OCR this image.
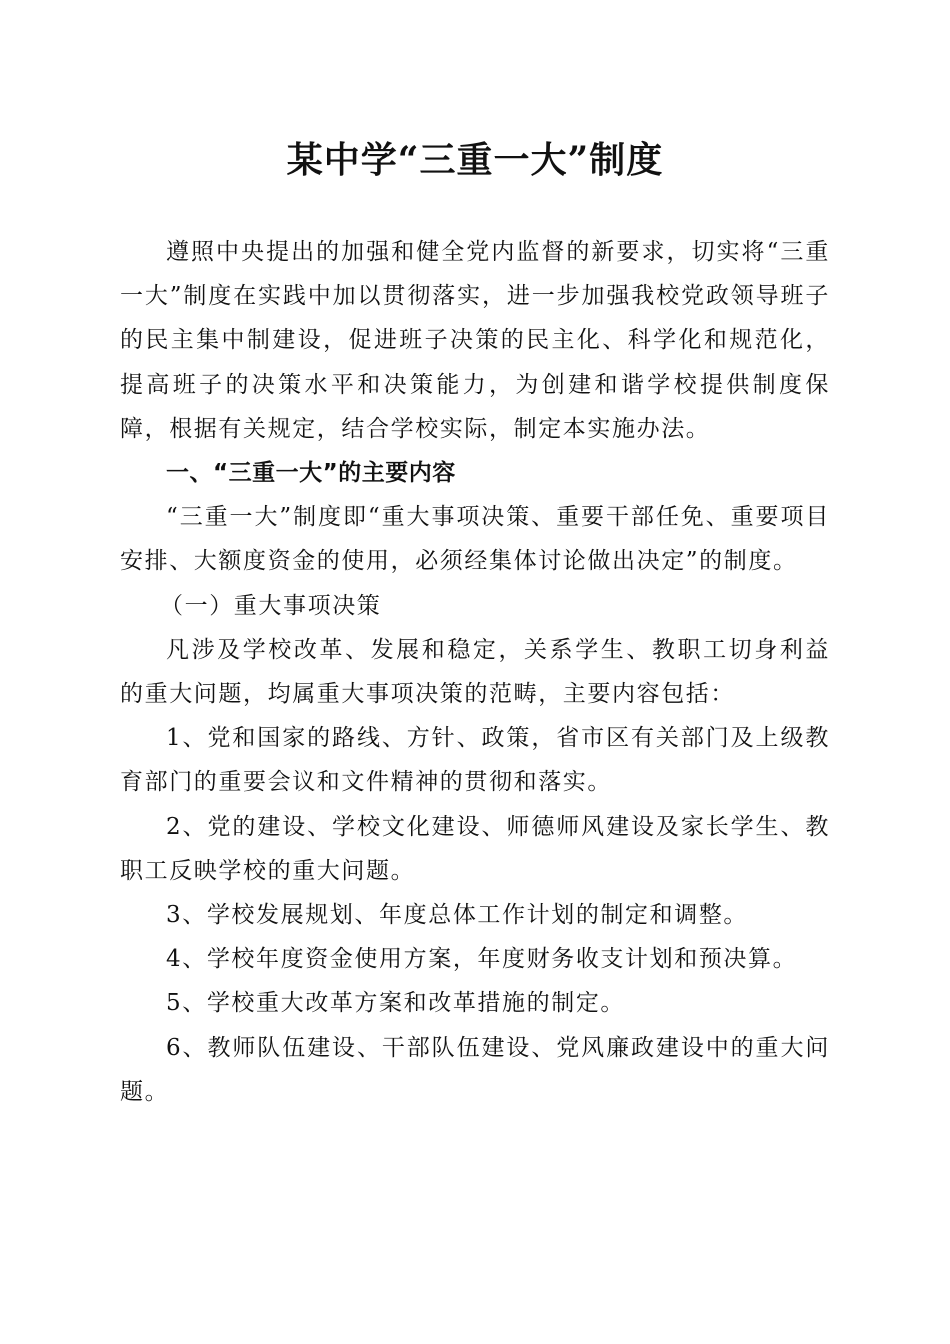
某中学“三重一大”制度

遵照中央提出的加强和健全党内监督的新要求，切实将“三重一大”制度在实践中加以贯彻落实，进一步加强我校党政领导班子的民主集中制建设，促进班子决策的民主化、科学化和规范化，提高班子的决策水平和决策能力，为创建和谐学校提供制度保障，根据有关规定，结合学校实际，制定本实施办法。

一、“三重一大”的主要内容

“三重一大”制度即“重大事项决策、重要干部任免、重要项目安排、大额度资金的使用，必须经集体讨论做出决定”的制度。

（一）重大事项决策

凡涉及学校改革、发展和稳定，关系学生、教职工切身利益的重大问题，均属重大事项决策的范畴，主要内容包括：

1、党和国家的路线、方针、政策，省市区有关部门及上级教育部门的重要会议和文件精神的贯彻和落实。

2、党的建设、学校文化建设、师德师风建设及家长学生、教职工反映学校的重大问题。

3、学校发展规划、年度总体工作计划的制定和调整。

4、学校年度资金使用方案，年度财务收支计划和预决算。

5、学校重大改革方案和改革措施的制定。

6、教师队伍建设、干部队伍建设、党风廉政建设中的重大问题。
